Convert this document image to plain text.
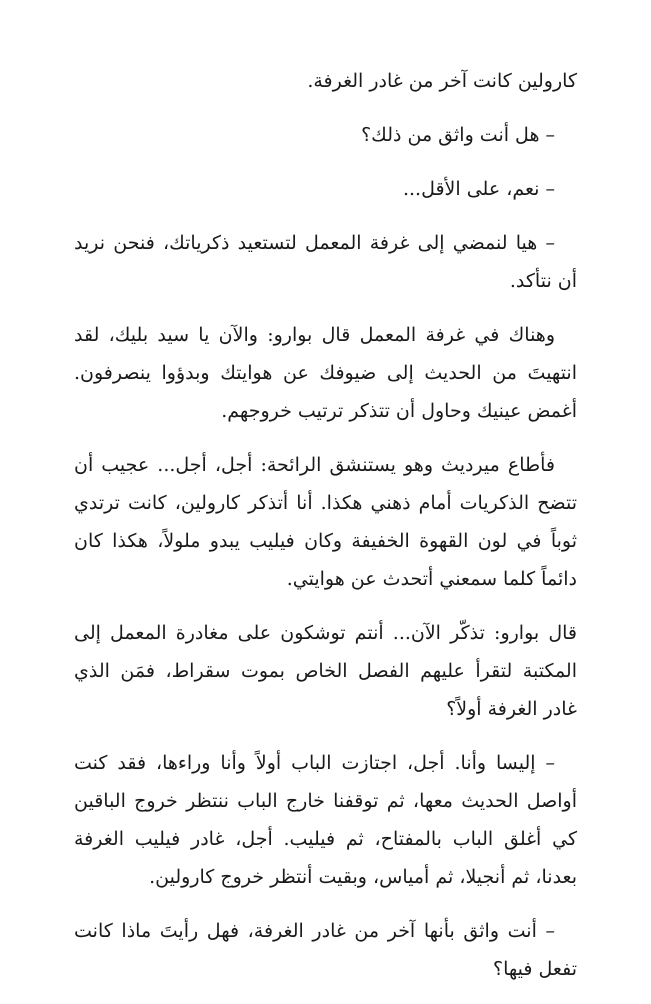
كارولين كانت آخر من غادر الغرفة.

– هل أنت واثق من ذلك؟

– نعم، على الأقل...

– هيا لنمضي إلى غرفة المعمل لتستعيد ذكرياتك، فنحن نريد أن نتأكد.

وهناك في غرفة المعمل قال بوارو: والآن يا سيد بليك، لقد انتهيتَ من الحديث إلى ضيوفك عن هوايتك وبدؤوا ينصرفون. أغمض عينيك وحاول أن تتذكر ترتيب خروجهم.

فأطاع ميرديث وهو يستنشق الرائحة: أجل، أجل... عجيب أن تتضح الذكريات أمام ذهني هكذا. أنا أتذكر كارولين، كانت ترتدي ثوباً في لون القهوة الخفيفة وكان فيليب يبدو ملولاً، هكذا كان دائماً كلما سمعني أتحدث عن هوايتي.

قال بوارو: تذكّر الآن... أنتم توشكون على مغادرة المعمل إلى المكتبة لتقرأ عليهم الفصل الخاص بموت سقراط، فمَن الذي غادر الغرفة أولاً؟

– إليسا وأنا. أجل، اجتازت الباب أولاً وأنا وراءها، فقد كنت أواصل الحديث معها، ثم توقفنا خارج الباب ننتظر خروج الباقين كي أغلق الباب بالمفتاح، ثم فيليب. أجل، غادر فيليب الغرفة بعدنا، ثم أنجيلا، ثم أمياس، وبقيت أنتظر خروج كارولين.

– أنت واثق بأنها آخر من غادر الغرفة، فهل رأيتَ ماذا كانت تفعل فيها؟
